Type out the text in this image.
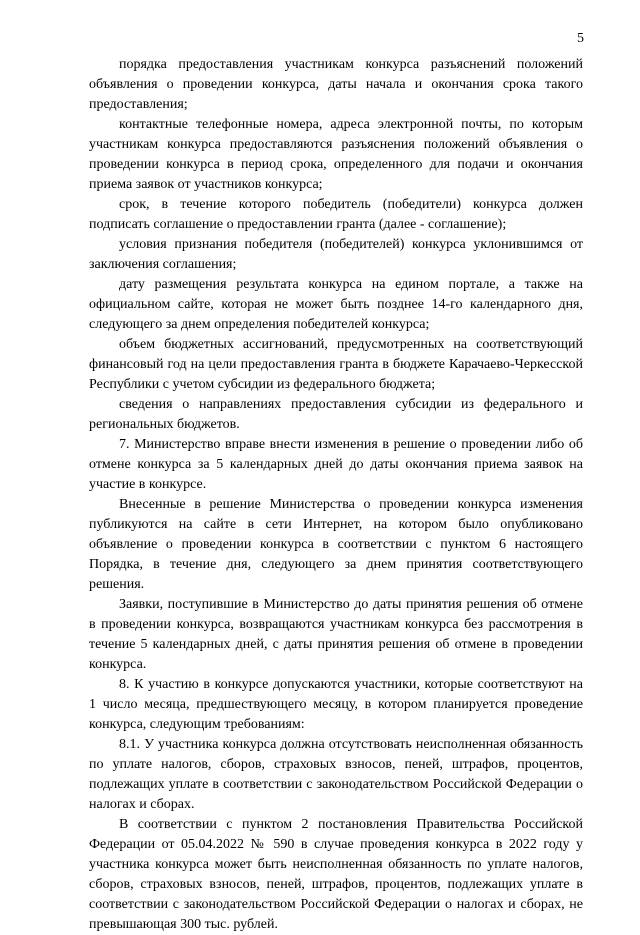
5

порядка предоставления участникам конкурса разъяснений положений объявления о проведении конкурса, даты начала и окончания срока такого предоставления;

контактные телефонные номера, адреса электронной почты, по которым участникам конкурса предоставляются разъяснения положений объявления о проведении конкурса в период срока, определенного для подачи и окончания приема заявок от участников конкурса;

срок, в течение которого победитель (победители) конкурса должен подписать соглашение о предоставлении гранта (далее - соглашение);

условия признания победителя (победителей) конкурса уклонившимся от заключения соглашения;

дату размещения результата конкурса на едином портале, а также на официальном сайте, которая не может быть позднее 14-го календарного дня, следующего за днем определения победителей конкурса;

объем бюджетных ассигнований, предусмотренных на соответствующий финансовый год на цели предоставления гранта в бюджете Карачаево-Черкесской Республики с учетом субсидии из федерального бюджета;

сведения о направлениях предоставления субсидии из федерального и региональных бюджетов.

7. Министерство вправе внести изменения в решение о проведении либо об отмене конкурса за 5 календарных дней до даты окончания приема заявок на участие в конкурсе.

Внесенные в решение Министерства о проведении конкурса изменения публикуются на сайте в сети Интернет, на котором было опубликовано объявление о проведении конкурса в соответствии с пунктом 6 настоящего Порядка, в течение дня, следующего за днем принятия соответствующего решения.

Заявки, поступившие в Министерство до даты принятия решения об отмене в проведении конкурса, возвращаются участникам конкурса без рассмотрения в течение 5 календарных дней, с даты принятия решения об отмене в проведении конкурса.

8. К участию в конкурсе допускаются участники, которые соответствуют на 1 число месяца, предшествующего месяцу, в котором планируется проведение конкурса, следующим требованиям:

8.1. У участника конкурса должна отсутствовать неисполненная обязанность по уплате налогов, сборов, страховых взносов, пеней, штрафов, процентов, подлежащих уплате в соответствии с законодательством Российской Федерации о налогах и сборах.

В соответствии с пунктом 2 постановления Правительства Российской Федерации от 05.04.2022 № 590 в случае проведения конкурса в 2022 году у участника конкурса может быть неисполненная обязанность по уплате налогов, сборов, страховых взносов, пеней, штрафов, процентов, подлежащих уплате в соответствии с законодательством Российской Федерации о налогах и сборах, не превышающая 300 тыс. рублей.
